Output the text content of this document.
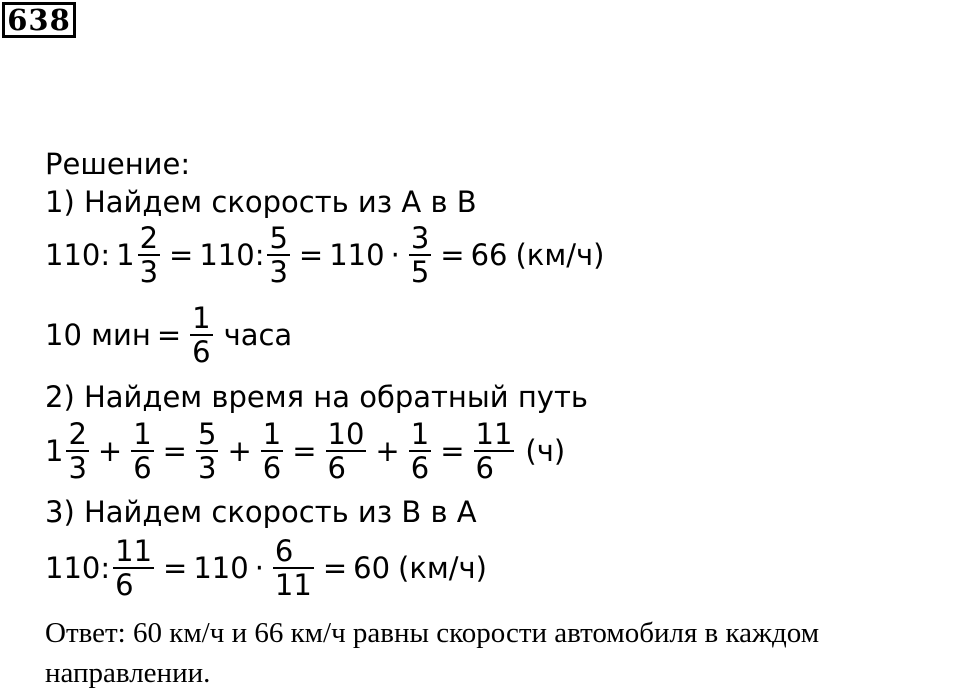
638
Решение:
1) Найдем скорость из А в В
110: $1 \frac{2}{3} = 110$: $\frac{5}{3} = 110 \cdot \frac{3}{5} = 66$ (км/ч)
10 мин = $\frac{1}{6}$ часа
2) Найдем время на обратный путь
$1 \frac{2}{3} + \frac{1}{6} = \frac{5}{3} + \frac{1}{6} = \frac{10}{6} + \frac{1}{6} = \frac{11}{6} (ч)$
3) Найдем скорость из В в А
110: $\frac{11}{6} = 110 \cdot \frac{6}{11} = 60$ (км/ч)
Ответ: 60 км/ч и 66 км/ч равны скорости автомобиля в каждом направлении.
